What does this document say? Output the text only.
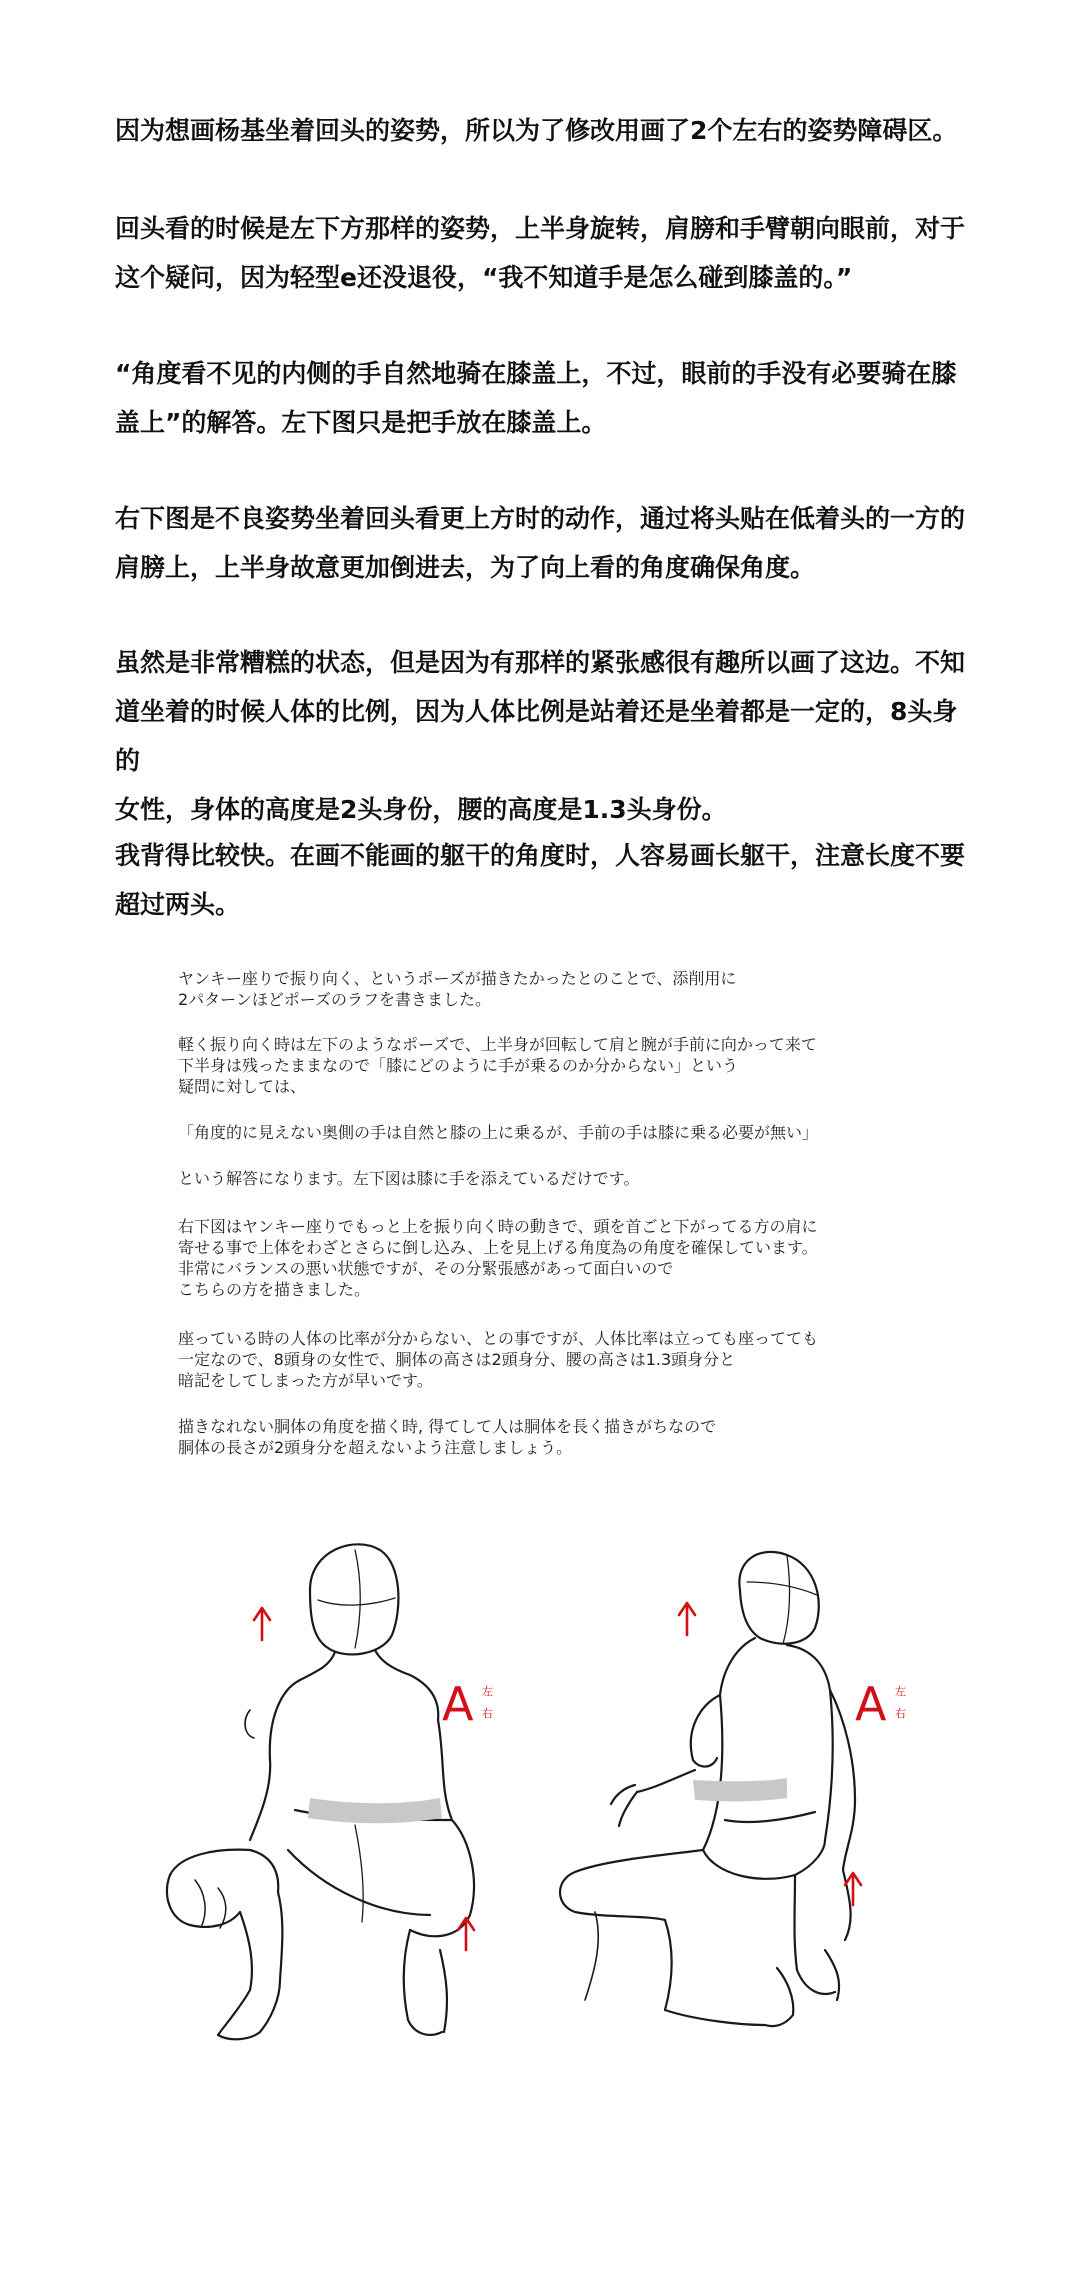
因为想画杨基坐着回头的姿势，所以为了修改用画了2个左右的姿势障碍区。
回头看的时候是左下方那样的姿势，上半身旋转，肩膀和手臂朝向眼前，对于
这个疑问，因为轻型e还没退役，“我不知道手是怎么碰到膝盖的。”
“角度看不见的内侧的手自然地骑在膝盖上，不过，眼前的手没有必要骑在膝
盖上”的解答。左下图只是把手放在膝盖上。
右下图是不良姿势坐着回头看更上方时的动作，通过将头贴在低着头的一方的
肩膀上，上半身故意更加倒进去，为了向上看的角度确保角度。
虽然是非常糟糕的状态，但是因为有那样的紧张感很有趣所以画了这边。不知
道坐着的时候人体的比例，因为人体比例是站着还是坐着都是一定的，8头身的
女性，身体的高度是2头身份，腰的高度是1.3头身份。
我背得比较快。在画不能画的躯干的角度时，人容易画长躯干，注意长度不要
超过两头。
ヤンキー座りで振り向く、というポーズが描きたかったとのことで、添削用に
2パターンほどポーズのラフを書きました。
軽く振り向く時は左下のようなポーズで、上半身が回転して肩と腕が手前に向かって来て
下半身は残ったままなので「膝にどのように手が乗るのか分からない」という
疑問に対しては、
「角度的に見えない奥側の手は自然と膝の上に乗るが、手前の手は膝に乗る必要が無い」
という解答になります。左下図は膝に手を添えているだけです。
右下図はヤンキー座りでもっと上を振り向く時の動きで、頭を首ごと下がってる方の肩に
寄せる事で上体をわざとさらに倒し込み、上を見上げる角度為の角度を確保しています。
非常にバランスの悪い状態ですが、その分緊張感があって面白いので
こちらの方を描きました。
座っている時の人体の比率が分からない、との事ですが、人体比率は立っても座ってても
一定なので、8頭身の女性で、胴体の高さは2頭身分、腰の高さは1.3頭身分と
暗記をしてしまった方が早いです。
描きなれない胴体の角度を描く時, 得てして人は胴体を長く描きがちなので
胴体の長さが2頭身分を超えないよう注意しましょう。
A 左
右	A 左
右
